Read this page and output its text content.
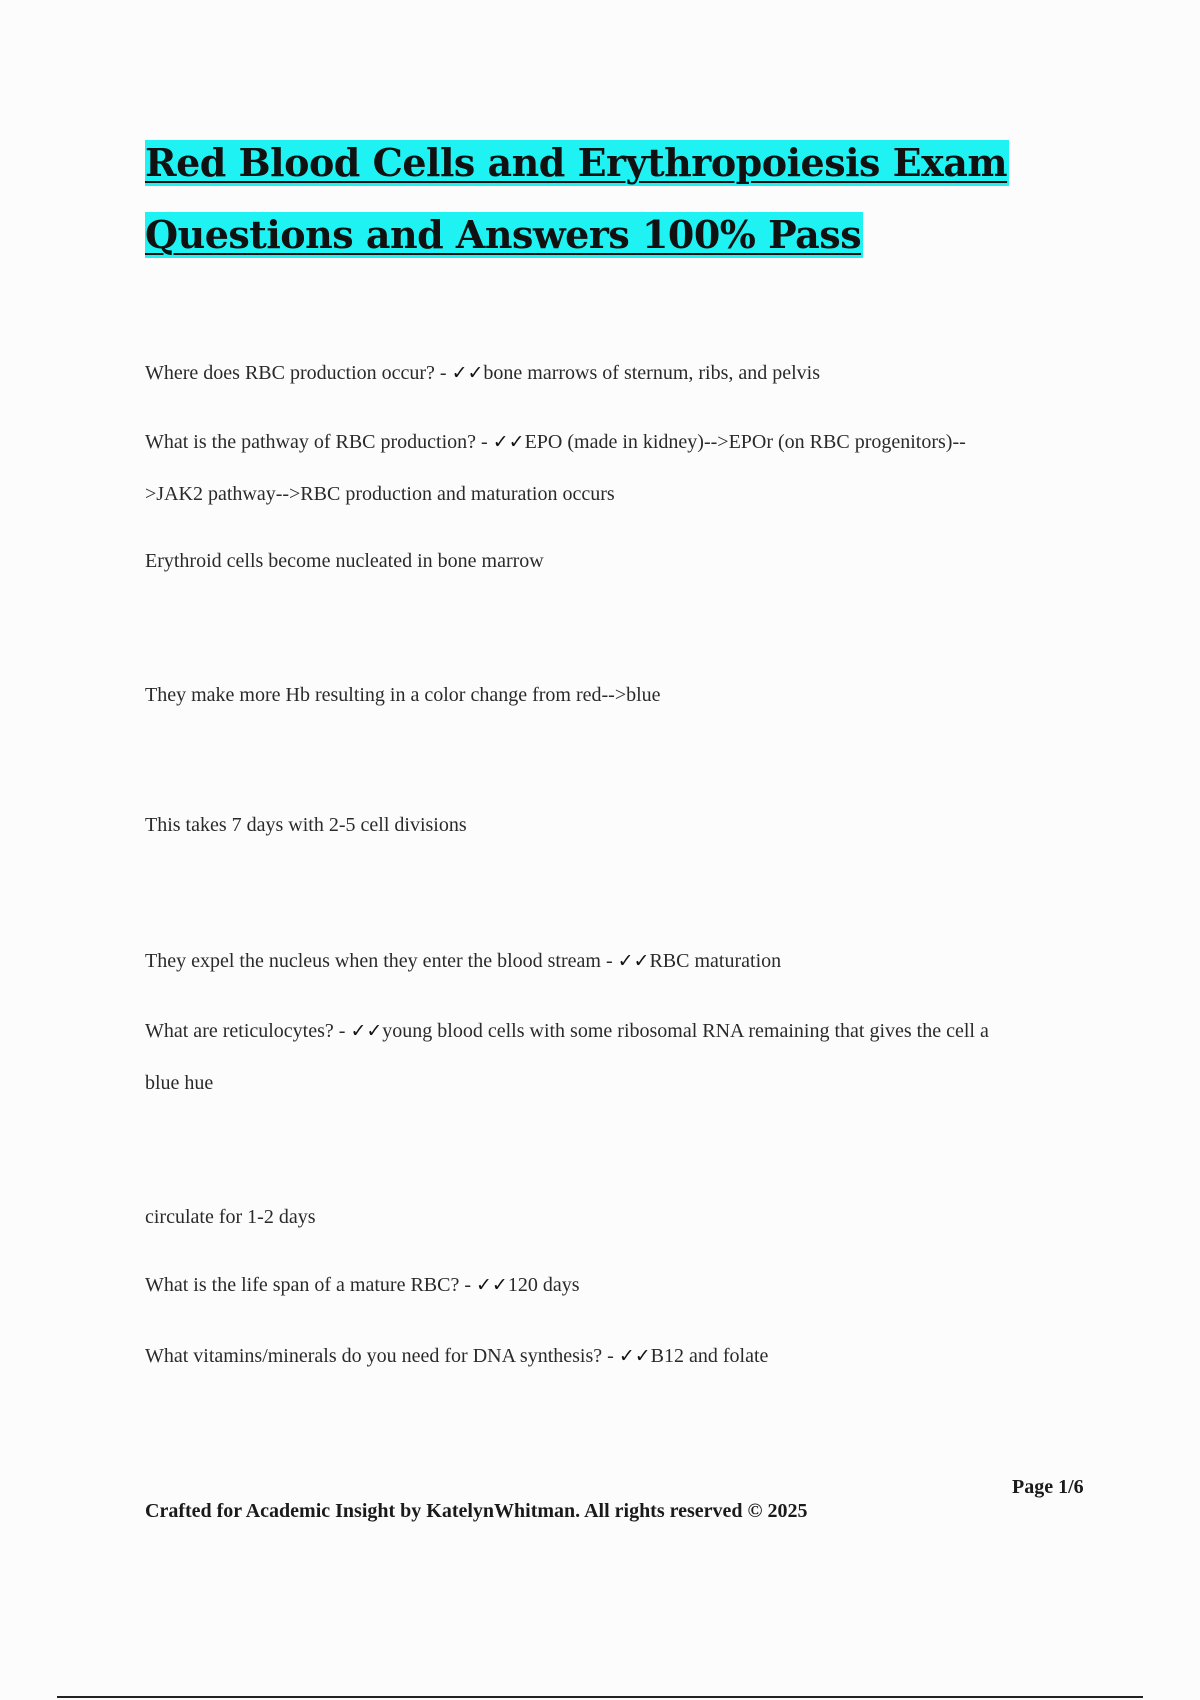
Red Blood Cells and Erythropoiesis Exam
Questions and Answers 100% Pass
Where does RBC production occur? - ✓✓bone marrows of sternum, ribs, and pelvis
What is the pathway of RBC production? - ✓✓EPO (made in kidney)-->EPOr (on RBC progenitors)--
>JAK2 pathway-->RBC production and maturation occurs
Erythroid cells become nucleated in bone marrow
They make more Hb resulting in a color change from red-->blue
This takes 7 days with 2-5 cell divisions
They expel the nucleus when they enter the blood stream - ✓✓RBC maturation
What are reticulocytes? - ✓✓young blood cells with some ribosomal RNA remaining that gives the cell a
blue hue
circulate for 1-2 days
What is the life span of a mature RBC? - ✓✓120 days
What vitamins/minerals do you need for DNA synthesis? - ✓✓B12 and folate
Page 1/6
Crafted for Academic Insight by KatelynWhitman. All rights reserved © 2025
